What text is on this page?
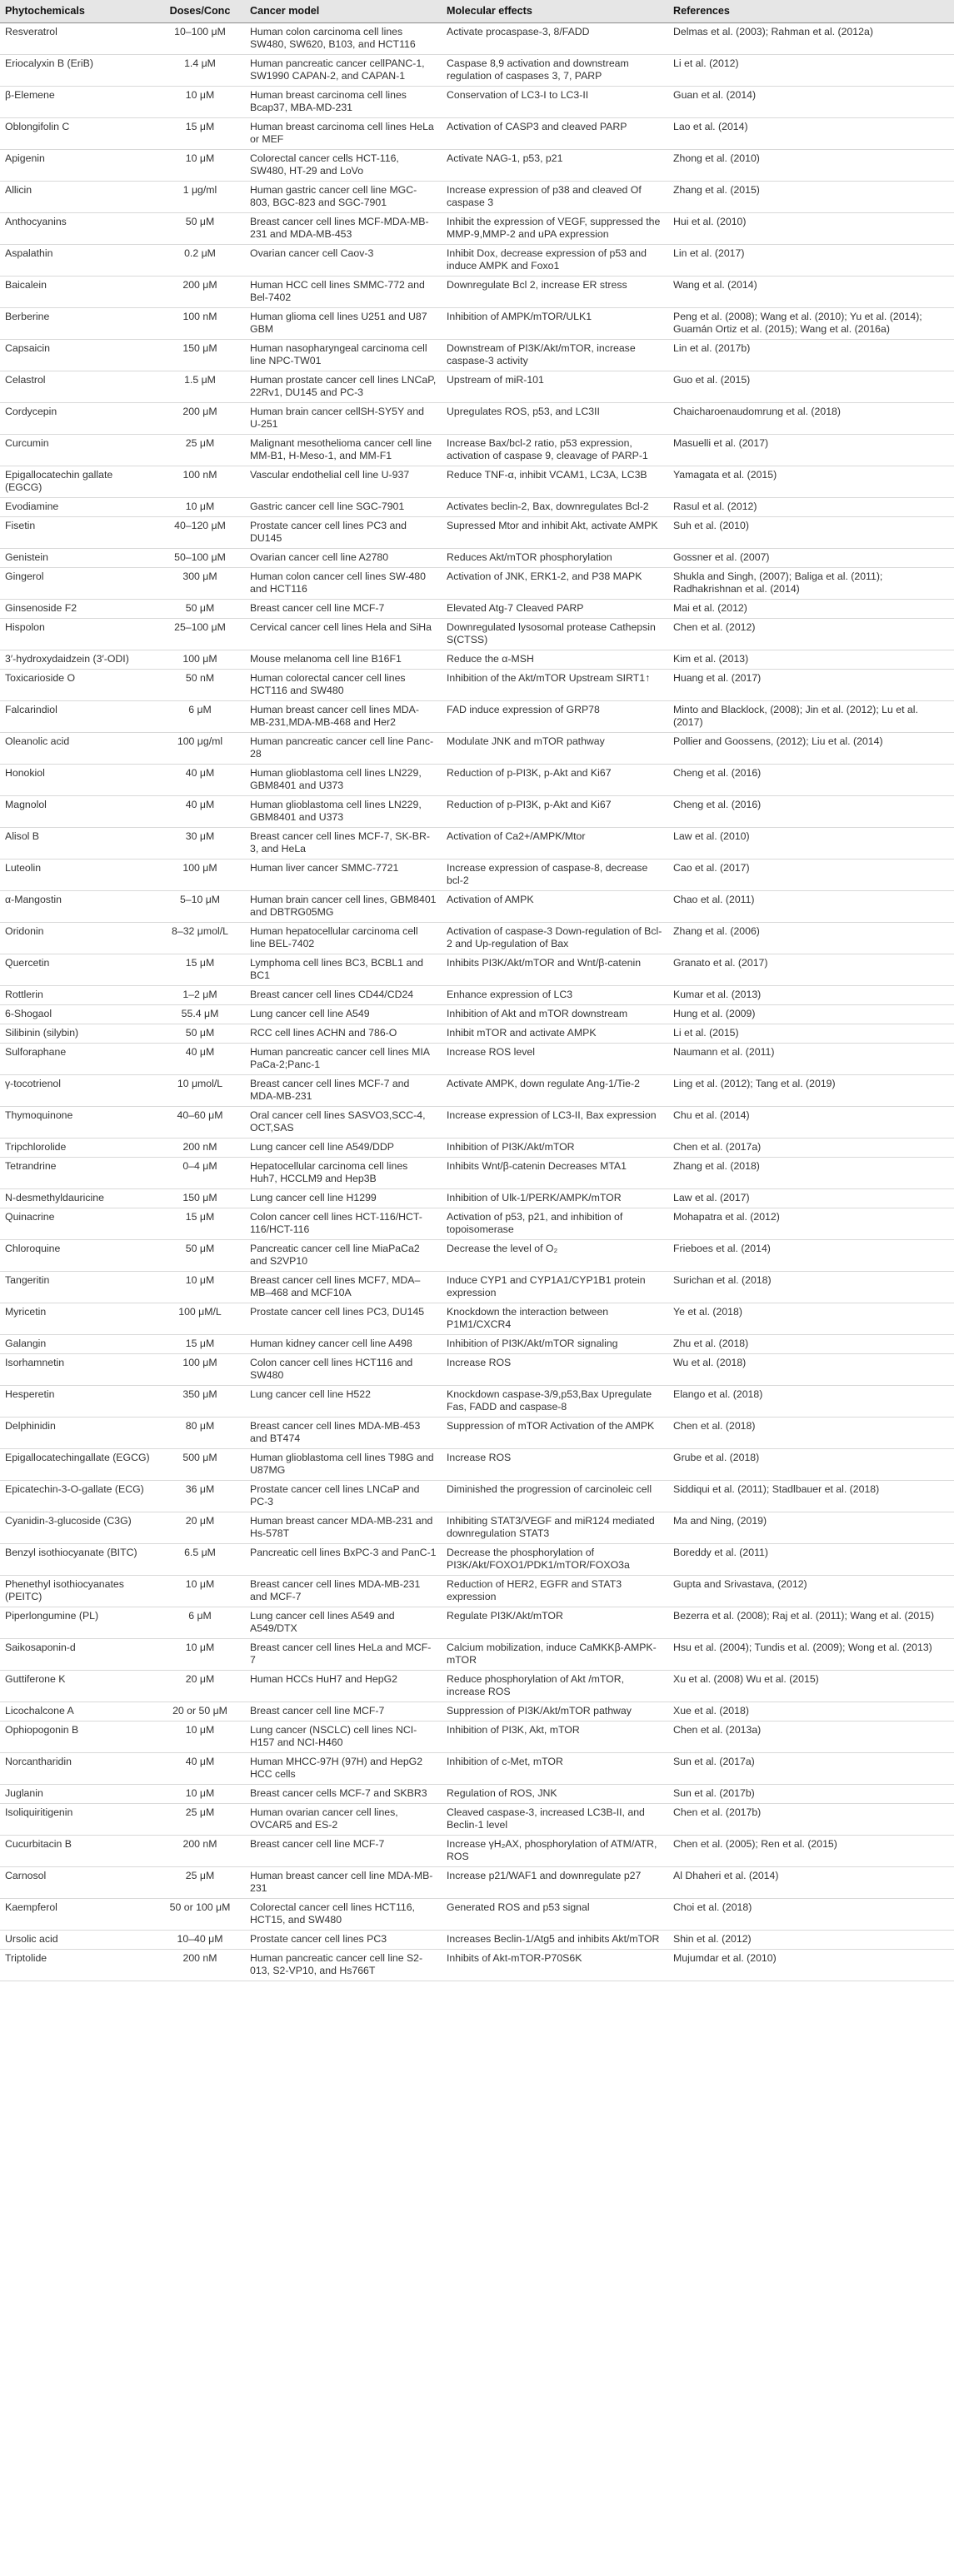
Phytochemicals	Doses/Conc	Cancer model	Molecular effects	References
Resveratrol	10–100 μM	Human colon carcinoma cell lines SW480, SW620, B103, and HCT116	Activate procaspase-3, 8/FADD	Delmas et al. (2003); Rahman et al. (2012a)
Eriocalyxin B (EriB)	1.4 μM	Human pancreatic cancer cellPANC-1, SW1990 CAPAN-2, and CAPAN-1	Caspase 8,9 activation and downstream regulation of caspases 3, 7, PARP	Li et al. (2012)
β-Elemene	10 μM	Human breast carcinoma cell lines Bcap37, MBA-MD-231	Conservation of LC3-I to LC3-II	Guan et al. (2014)
Oblongifolin C	15 μM	Human breast carcinoma cell lines HeLa or MEF	Activation of CASP3 and cleaved PARP	Lao et al. (2014)
Apigenin	10 μM	Colorectal cancer cells HCT-116, SW480, HT-29 and LoVo	Activate NAG-1, p53, p21	Zhong et al. (2010)
Allicin	1 μg/ml	Human gastric cancer cell line MGC-803, BGC-823 and SGC-7901	Increase expression of p38 and cleaved Of caspase 3	Zhang et al. (2015)
Anthocyanins	50 μM	Breast cancer cell lines MCF-MDA-MB-231 and MDA-MB-453	Inhibit the expression of VEGF, suppressed the MMP-9,MMP-2 and uPA expression	Hui et al. (2010)
Aspalathin	0.2 μM	Ovarian cancer cell Caov-3	Inhibit Dox, decrease expression of p53 and induce AMPK and Foxo1	Lin et al. (2017)
Baicalein	200 μM	Human HCC cell lines SMMC-772 and Bel-7402	Downregulate Bcl 2, increase ER stress	Wang et al. (2014)
Berberine	100 nM	Human glioma cell lines U251 and U87 GBM	Inhibition of AMPK/mTOR/ULK1	Peng et al. (2008); Wang et al. (2010); Yu et al. (2014); Guamán Ortiz et al. (2015); Wang et al. (2016a)
Capsaicin	150 μM	Human nasopharyngeal carcinoma cell line NPC-TW01	Downstream of PI3K/Akt/mTOR, increase caspase-3 activity	Lin et al. (2017b)
Celastrol	1.5 μM	Human prostate cancer cell lines LNCaP, 22Rv1, DU145 and PC-3	Upstream of miR-101	Guo et al. (2015)
Cordycepin	200 μM	Human brain cancer cellSH-SY5Y and U-251	Upregulates ROS, p53, and LC3II	Chaicharoenaudomrung et al. (2018)
Curcumin	25 μM	Malignant mesothelioma cancer cell line MM-B1, H-Meso-1, and MM-F1	Increase Bax/bcl-2 ratio, p53 expression, activation of caspase 9, cleavage of PARP-1	Masuelli et al. (2017)
Epigallocatechin gallate (EGCG)	100 nM	Vascular endothelial cell line U-937	Reduce TNF-α, inhibit VCAM1, LC3A, LC3B	Yamagata et al. (2015)
Evodiamine	10 μM	Gastric cancer cell line SGC-7901	Activates beclin-2, Bax, downregulates Bcl-2	Rasul et al. (2012)
Fisetin	40–120 μM	Prostate cancer cell lines PC3 and DU145	Supressed Mtor and inhibit Akt, activate AMPK	Suh et al. (2010)
Genistein	50–100 μM	Ovarian cancer cell line A2780	Reduces Akt/mTOR phosphorylation	Gossner et al. (2007)
Gingerol	300 μM	Human colon cancer cell lines SW-480 and HCT116	Activation of JNK, ERK1-2, and P38 MAPK	Shukla and Singh, (2007); Baliga et al. (2011); Radhakrishnan et al. (2014)
Ginsenoside F2	50 μM	Breast cancer cell line MCF-7	Elevated Atg-7 Cleaved PARP	Mai et al. (2012)
Hispolon	25–100 μM	Cervical cancer cell lines Hela and SiHa	Downregulated lysosomal protease Cathepsin S(CTSS)	Chen et al. (2012)
3′-hydroxydaidzein (3′-ODI)	100 μM	Mouse melanoma cell line B16F1	Reduce the α-MSH	Kim et al. (2013)
Toxicarioside O	50 nM	Human colorectal cancer cell lines HCT116 and SW480	Inhibition of the Akt/mTOR Upstream SIRT1↑	Huang et al. (2017)
Falcarindiol	6 μM	Human breast cancer cell lines MDA-MB-231,MDA-MB-468 and Her2	FAD induce expression of GRP78	Minto and Blacklock, (2008); Jin et al. (2012); Lu et al. (2017)
Oleanolic acid	100 μg/ml	Human pancreatic cancer cell line Panc-28	Modulate JNK and mTOR pathway	Pollier and Goossens, (2012); Liu et al. (2014)
Honokiol	40 μM	Human glioblastoma cell lines LN229, GBM8401 and U373	Reduction of p-PI3K, p-Akt and Ki67	Cheng et al. (2016)
Magnolol	40 μM	Human glioblastoma cell lines LN229, GBM8401 and U373	Reduction of p-PI3K, p-Akt and Ki67	Cheng et al. (2016)
Alisol B	30 μM	Breast cancer cell lines MCF-7, SK-BR-3, and HeLa	Activation of Ca2+/AMPK/Mtor	Law et al. (2010)
Luteolin	100 μM	Human liver cancer SMMC-7721	Increase expression of caspase-8, decrease bcl-2	Cao et al. (2017)
α-Mangostin	5–10 μM	Human brain cancer cell lines, GBM8401 and DBTRG05MG	Activation of AMPK	Chao et al. (2011)
Oridonin	8–32 μmol/L	Human hepatocellular carcinoma cell line BEL-7402	Activation of caspase-3 Down-regulation of Bcl-2 and Up-regulation of Bax	Zhang et al. (2006)
Quercetin	15 μM	Lymphoma cell lines BC3, BCBL1 and BC1	Inhibits PI3K/Akt/mTOR and Wnt/β-catenin	Granato et al. (2017)
Rottlerin	1–2 μM	Breast cancer cell lines CD44/CD24	Enhance expression of LC3	Kumar et al. (2013)
6-Shogaol	55.4 μM	Lung cancer cell line A549	Inhibition of Akt and mTOR downstream	Hung et al. (2009)
Silibinin (silybin)	50 μM	RCC cell lines ACHN and 786-O	Inhibit mTOR and activate AMPK	Li et al. (2015)
Sulforaphane	40 μM	Human pancreatic cancer cell lines MIA PaCa-2;Panc-1	Increase ROS level	Naumann et al. (2011)
γ-tocotrienol	10 μmol/L	Breast cancer cell lines MCF-7 and MDA-MB-231	Activate AMPK, down regulate Ang-1/Tie-2	Ling et al. (2012); Tang et al. (2019)
Thymoquinone	40–60 μM	Oral cancer cell lines SASVO3,SCC-4, OCT,SAS	Increase expression of LC3-II, Bax expression	Chu et al. (2014)
Tripchlorolide	200 nM	Lung cancer cell line A549/DDP	Inhibition of PI3K/Akt/mTOR	Chen et al. (2017a)
Tetrandrine	0–4 μM	Hepatocellular carcinoma cell lines Huh7, HCCLM9 and Hep3B	Inhibits Wnt/β-catenin Decreases MTA1	Zhang et al. (2018)
N-desmethyldauricine	150 μM	Lung cancer cell line H1299	Inhibition of Ulk-1/PERK/AMPK/mTOR	Law et al. (2017)
Quinacrine	15 μM	Colon cancer cell lines HCT-116/HCT-116/HCT-116	Activation of p53, p21, and inhibition of topoisomerase	Mohapatra et al. (2012)
Chloroquine	50 μM	Pancreatic cancer cell line MiaPaCa2 and S2VP10	Decrease the level of O₂	Frieboes et al. (2014)
Tangeritin	10 μM	Breast cancer cell lines MCF7, MDA–MB–468 and MCF10A	Induce CYP1 and CYP1A1/CYP1B1 protein expression	Surichan et al. (2018)
Myricetin	100 μM/L	Prostate cancer cell lines PC3, DU145	Knockdown the interaction between P1M1/CXCR4	Ye et al. (2018)
Galangin	15 μM	Human kidney cancer cell line A498	Inhibition of PI3K/Akt/mTOR signaling	Zhu et al. (2018)
Isorhamnetin	100 μM	Colon cancer cell lines HCT116 and SW480	Increase ROS	Wu et al. (2018)
Hesperetin	350 μM	Lung cancer cell line H522	Knockdown caspase-3/9,p53,Bax Upregulate Fas, FADD and caspase-8	Elango et al. (2018)
Delphinidin	80 μM	Breast cancer cell lines MDA-MB-453 and BT474	Suppression of mTOR Activation of the AMPK	Chen et al. (2018)
Epigallocatechingallate (EGCG)	500 μM	Human glioblastoma cell lines T98G and U87MG	Increase ROS	Grube et al. (2018)
Epicatechin-3-O-gallate (ECG)	36 μM	Prostate cancer cell lines LNCaP and PC-3	Diminished the progression of carcinoleic cell	Siddiqui et al. (2011); Stadlbauer et al. (2018)
Cyanidin-3-glucoside (C3G)	20 μM	Human breast cancer MDA-MB-231 and Hs-578T	Inhibiting STAT3/VEGF and miR124 mediated downregulation STAT3	Ma and Ning, (2019)
Benzyl isothiocyanate (BITC)	6.5 μM	Pancreatic cell lines BxPC-3 and PanC-1	Decrease the phosphorylation of PI3K/Akt/FOXO1/PDK1/mTOR/FOXO3a	Boreddy et al. (2011)
Phenethyl isothiocyanates (PEITC)	10 μM	Breast cancer cell lines MDA-MB-231 and MCF-7	Reduction of HER2, EGFR and STAT3 expression	Gupta and Srivastava, (2012)
Piperlongumine (PL)	6 μM	Lung cancer cell lines A549 and A549/DTX	Regulate PI3K/Akt/mTOR	Bezerra et al. (2008); Raj et al. (2011); Wang et al. (2015)
Saikosaponin-d	10 μM	Breast cancer cell lines HeLa and MCF-7	Calcium mobilization, induce CaMKKβ-AMPK-mTOR	Hsu et al. (2004); Tundis et al. (2009); Wong et al. (2013)
Guttiferone K	20 μM	Human HCCs HuH7 and HepG2	Reduce phosphorylation of Akt /mTOR, increase ROS	Xu et al. (2008) Wu et al. (2015)
Licochalcone A	20 or 50 μM	Breast cancer cell line MCF-7	Suppression of PI3K/Akt/mTOR pathway	Xue et al. (2018)
Ophiopogonin B	10 μM	Lung cancer (NSCLC) cell lines NCI-H157 and NCI-H460	Inhibition of PI3K, Akt, mTOR	Chen et al. (2013a)
Norcantharidin	40 μM	Human MHCC-97H (97H) and HepG2 HCC cells	Inhibition of c-Met, mTOR	Sun et al. (2017a)
Juglanin	10 μM	Breast cancer cells MCF-7 and SKBR3	Regulation of ROS, JNK	Sun et al. (2017b)
Isoliquiritigenin	25 μM	Human ovarian cancer cell lines, OVCAR5 and ES-2	Cleaved caspase-3, increased LC3B-II, and Beclin-1 level	Chen et al. (2017b)
Cucurbitacin B	200 nM	Breast cancer cell line MCF-7	Increase γH₂AX, phosphorylation of ATM/ATR, ROS	Chen et al. (2005); Ren et al. (2015)
Carnosol	25 μM	Human breast cancer cell line MDA-MB-231	Increase p21/WAF1 and downregulate p27	Al Dhaheri et al. (2014)
Kaempferol	50 or 100 μM	Colorectal cancer cell lines HCT116, HCT15, and SW480	Generated ROS and p53 signal	Choi et al. (2018)
Ursolic acid	10–40 μM	Prostate cancer cell lines PC3	Increases Beclin-1/Atg5 and inhibits Akt/mTOR	Shin et al. (2012)
Triptolide	200 nM	Human pancreatic cancer cell line S2-013, S2-VP10, and Hs766T	Inhibits of Akt-mTOR-P70S6K	Mujumdar et al. (2010)
